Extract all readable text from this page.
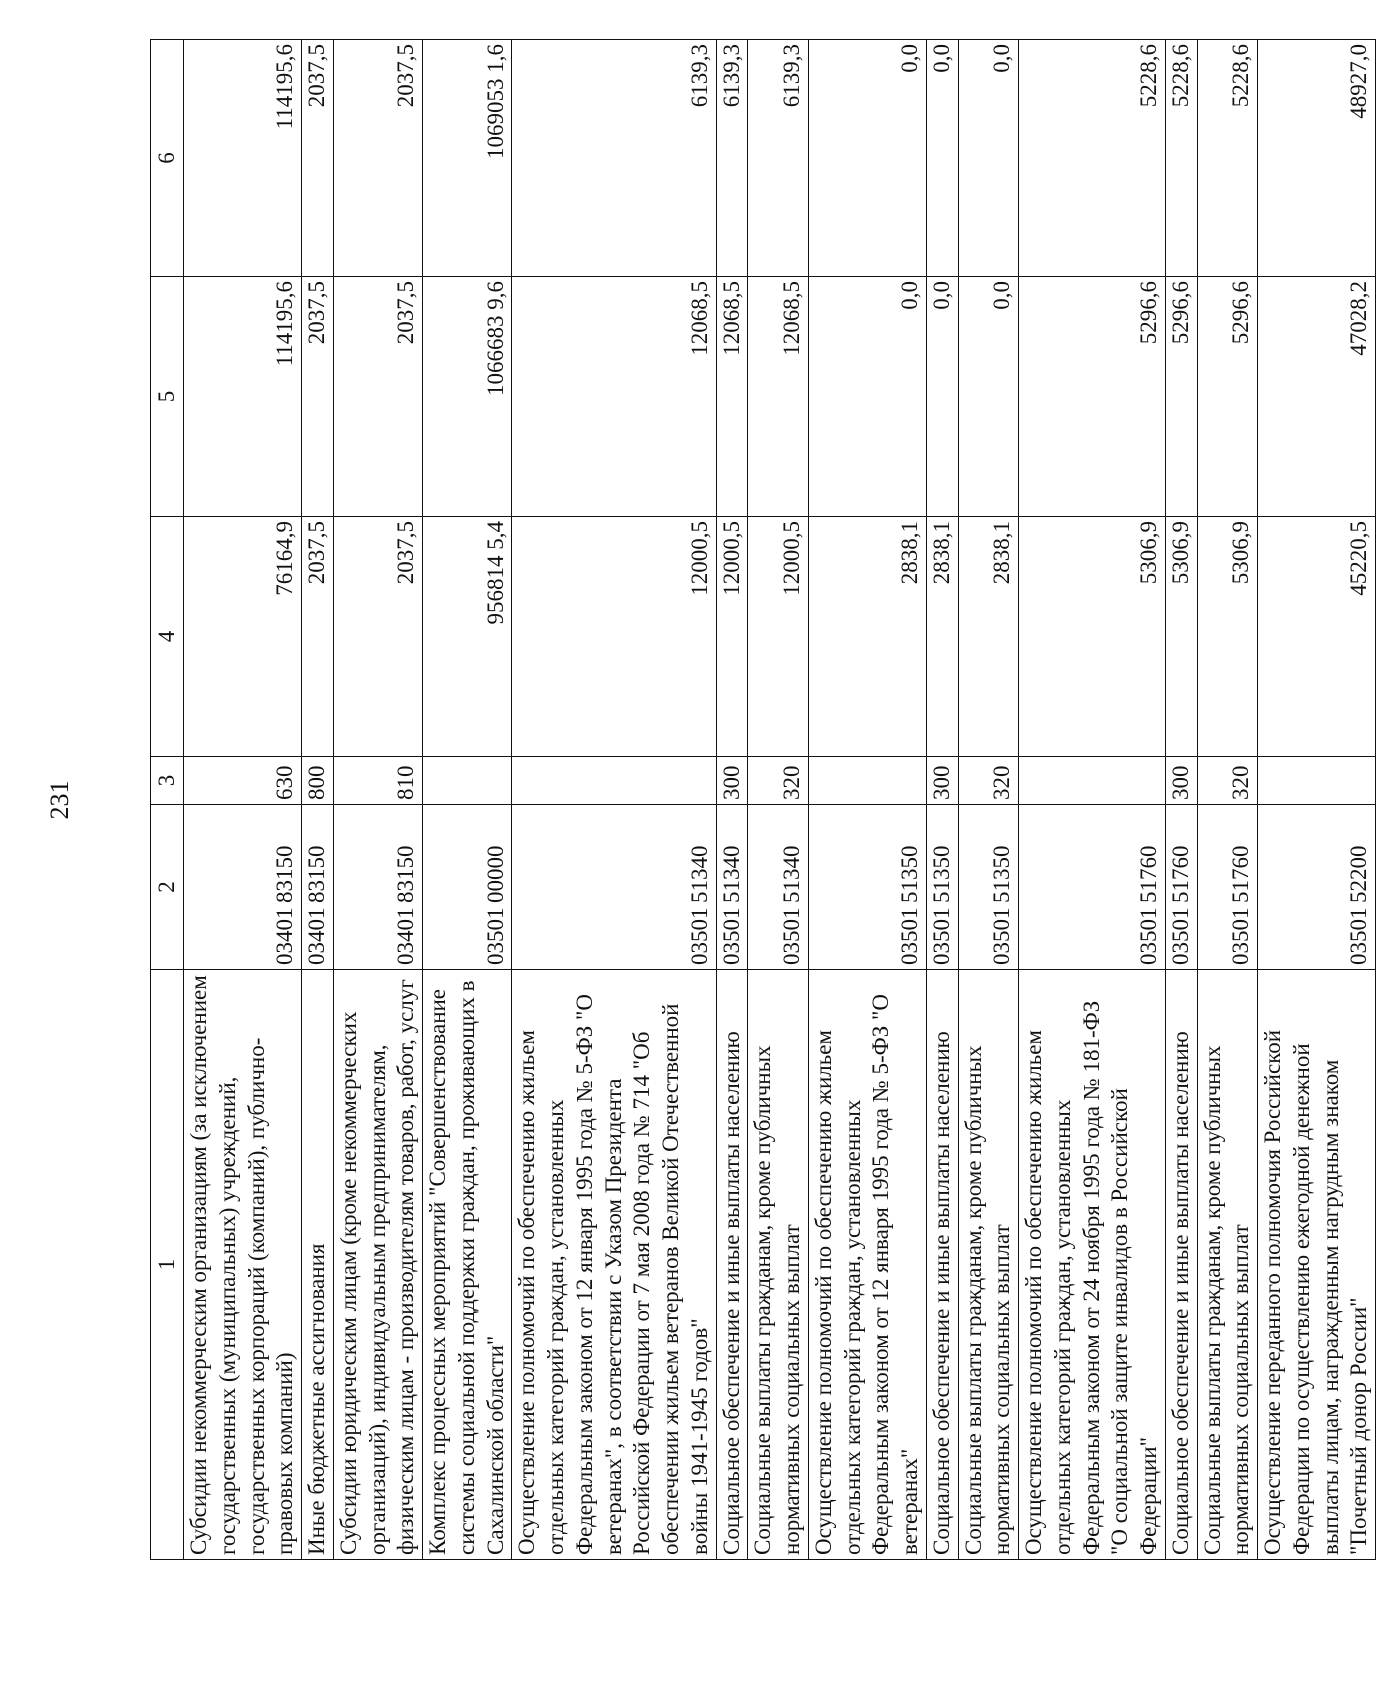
231
1	2	3	4	5	6
Субсидии некоммерческим организациям (за исключением государственных (муниципальных) учреждений, государственных корпораций (компаний), публично-правовых компаний)	0340183150	630	76164,9	114195,6	114195,6
Иные бюджетные ассигнования	0340183150	800	2037,5	2037,5	2037,5
Субсидии юридическим лицам (кроме некоммерческих организаций), индивидуальным предпринимателям, физическим лицам - производителям товаров, работ, услуг	0340183150	810	2037,5	2037,5	2037,5
Комплекс процессных мероприятий "Совершенствование системы социальной поддержки граждан, проживающих в Сахалинской области"	0350100000		956814 5,4	1066683 9,6	1069053 1,6
Осуществление полномочий по обеспечению жильем отдельных категорий граждан, установленных Федеральным законом от 12 января 1995 года № 5-ФЗ "О ветеранах", в соответствии с Указом Президента Российской Федерации от 7 мая 2008 года № 714 "Об обеспечении жильем ветеранов Великой Отечественной войны 1941-1945 годов"	0350151340		12000,5	12068,5	6139,3
Социальное обеспечение и иные выплаты населению	0350151340	300	12000,5	12068,5	6139,3
Социальные выплаты гражданам, кроме публичных нормативных социальных выплат	0350151340	320	12000,5	12068,5	6139,3
Осуществление полномочий по обеспечению жильем отдельных категорий граждан, установленных Федеральным законом от 12 января 1995 года № 5-ФЗ "О ветеранах"	0350151350		2838,1	0,0	0,0
Социальное обеспечение и иные выплаты населению	0350151350	300	2838,1	0,0	0,0
Социальные выплаты гражданам, кроме публичных нормативных социальных выплат	0350151350	320	2838,1	0,0	0,0
Осуществление полномочий по обеспечению жильем отдельных категорий граждан, установленных Федеральным законом от 24 ноября 1995 года № 181-ФЗ "О социальной защите инвалидов в Российской Федерации"	0350151760		5306,9	5296,6	5228,6
Социальное обеспечение и иные выплаты населению	0350151760	300	5306,9	5296,6	5228,6
Социальные выплаты гражданам, кроме публичных нормативных социальных выплат	0350151760	320	5306,9	5296,6	5228,6
Осуществление переданного полномочия Российской Федерации по осуществлению ежегодной денежной выплаты лицам, награжденным нагрудным знаком "Почетный донор России"	0350152200		45220,5	47028,2	48927,0
